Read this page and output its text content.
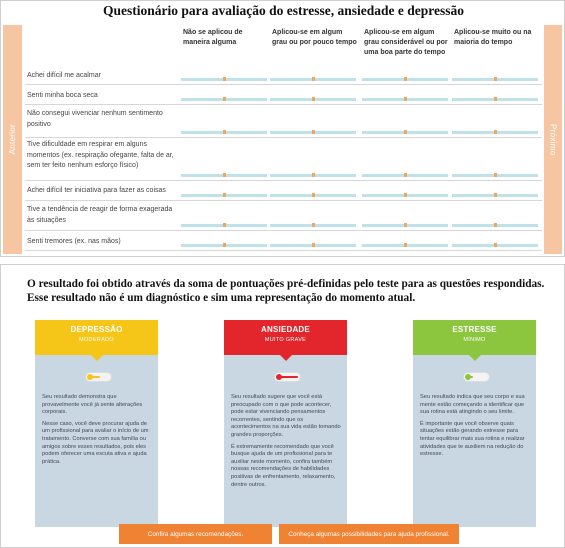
Questionário para avaliação do estresse, ansiedade e depressão
Anterior	Próximo
Não se aplicou de maneira alguma
Aplicou-se em algum grau ou por pouco tempo
Aplicou-se em algum grau considerável ou por uma boa parte do tempo
Aplicou-se muito ou na maioria do tempo
Achei difícil me acalmar
Senti minha boca seca
Não consegui vivenciar nenhum sentimento positivo
Tive dificuldade em respirar em alguns momentos (ex. respiração ofegante, falta de ar, sem ter feito nenhum esforço físico)
Achei difícil ter iniciativa para fazer as coisas
Tive a tendência de reagir de forma exagerada às situações
Senti tremores (ex. nas mãos)
O resultado foi obtido através da soma de pontuações pré-definidas pelo teste para as questões respondidas. Esse resultado não é um diagnóstico e sim uma representação do momento atual.
DEPRESSÃO
MODERADO

Seu resultado demonstra que provavelmente você já sente alterações corporais.

Nesse caso, você deve procurar ajuda de um profissional para avaliar o início de um tratamento. Converse com sua família ou amigos sobre esses resultados, pois eles podem oferecer uma escuta ativa e ajuda prática.

ANSIEDADE
MUITO GRAVE

Seu resultado sugere que você está preocupado com o que pode acontecer, pode estar vivenciando pensamentos recorrentes, sentindo que os acontecimentos na sua vida estão tomando grandes proporções.

É extremamente recomendado que você busque ajuda de um profissional para te auxiliar neste momento, confira também nossas recomendações de habilidades positivas de enfrentamento, relaxamento, dentre outros.

ESTRESSE
MÍNIMO

Seu resultado indica que seu corpo e sua mente estão começando a identificar que sua rotina está atingindo o seu limite.

É importante que você observe quais situações estão gerando estresse para tentar equilibrar mais sua rotina e realizar atividades que te auxiliem na redução do estresse.

Confira algumas recomendações.	Conheça algumas possibilidades para ajuda profissional.
